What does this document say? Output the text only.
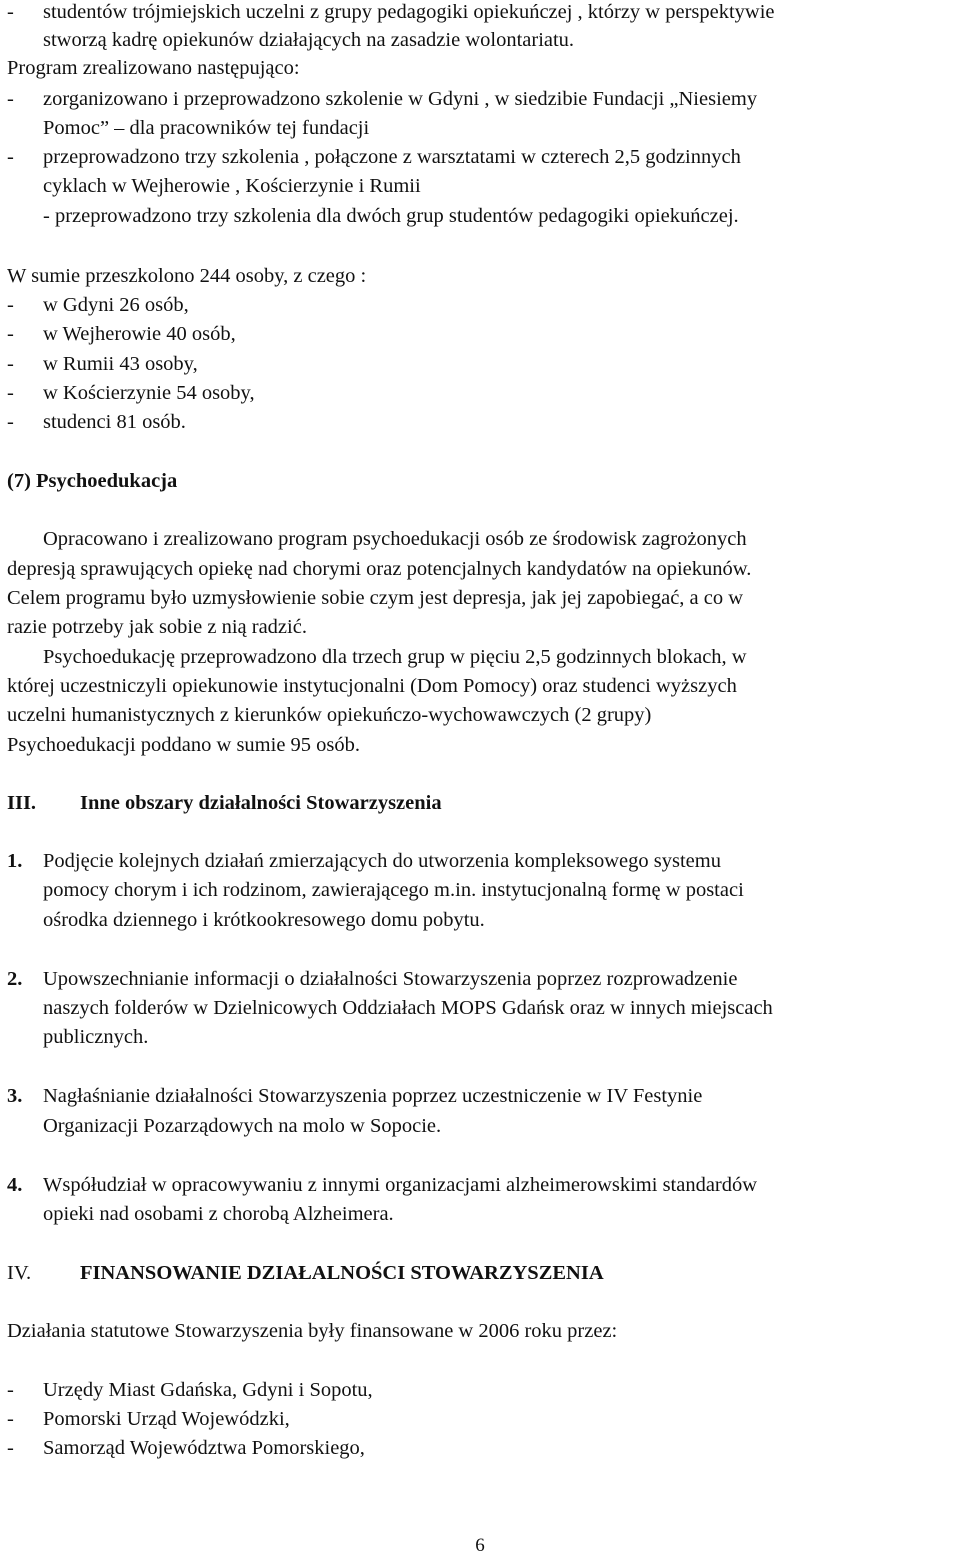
- studentów trójmiejskich uczelni z grupy pedagogiki opiekuńczej , którzy w perspektywie
stworzą kadrę opiekunów działających na zasadzie wolontariatu.
Program zrealizowano następująco:
- zorganizowano i przeprowadzono szkolenie w Gdyni , w siedzibie Fundacji „Niesiemy
Pomoc” – dla pracowników tej fundacji
- przeprowadzono trzy szkolenia , połączone z warsztatami w czterech 2,5 godzinnych
cyklach w Wejherowie , Kościerzynie i Rumii
- przeprowadzono trzy szkolenia dla dwóch grup studentów pedagogiki opiekuńczej.
W sumie przeszkolono 244 osoby, z czego :
- w Gdyni 26 osób,
- w Wejherowie 40 osób,
- w Rumii 43 osoby,
- w Kościerzynie 54 osoby,
- studenci 81 osób.
(7) Psychoedukacja
Opracowano i zrealizowano program psychoedukacji osób ze środowisk zagrożonych
depresją sprawujących opiekę nad chorymi oraz potencjalnych kandydatów na opiekunów.
Celem programu było uzmysłowienie sobie czym jest depresja, jak jej zapobiegać, a co w
razie potrzeby jak sobie z nią radzić.
Psychoedukację przeprowadzono dla trzech grup w pięciu 2,5 godzinnych blokach, w
której uczestniczyli opiekunowie instytucjonalni (Dom Pomocy) oraz studenci wyższych
uczelni humanistycznych z kierunków opiekuńczo-wychowawczych (2 grupy)
Psychoedukacji poddano w sumie 95 osób.
III. Inne obszary działalności Stowarzyszenia
1. Podjęcie kolejnych działań zmierzających do utworzenia kompleksowego systemu
pomocy chorym i ich rodzinom, zawierającego m.in. instytucjonalną formę w postaci
ośrodka dziennego i krótkookresowego domu pobytu.
2. Upowszechnianie informacji o działalności Stowarzyszenia poprzez rozprowadzenie
naszych folderów w Dzielnicowych Oddziałach MOPS Gdańsk oraz w innych miejscach
publicznych.
3. Nagłaśnianie działalności Stowarzyszenia poprzez uczestniczenie w IV Festynie
Organizacji Pozarządowych na molo w Sopocie.
4. Współudział w opracowywaniu z innymi organizacjami alzheimerowskimi standardów
opieki nad osobami z chorobą Alzheimera.
IV. FINANSOWANIE DZIAŁALNOŚCI STOWARZYSZENIA
Działania statutowe Stowarzyszenia były finansowane w 2006 roku przez:
- Urzędy Miast Gdańska, Gdyni i Sopotu,
- Pomorski Urząd Wojewódzki,
- Samorząd Województwa Pomorskiego,
6
